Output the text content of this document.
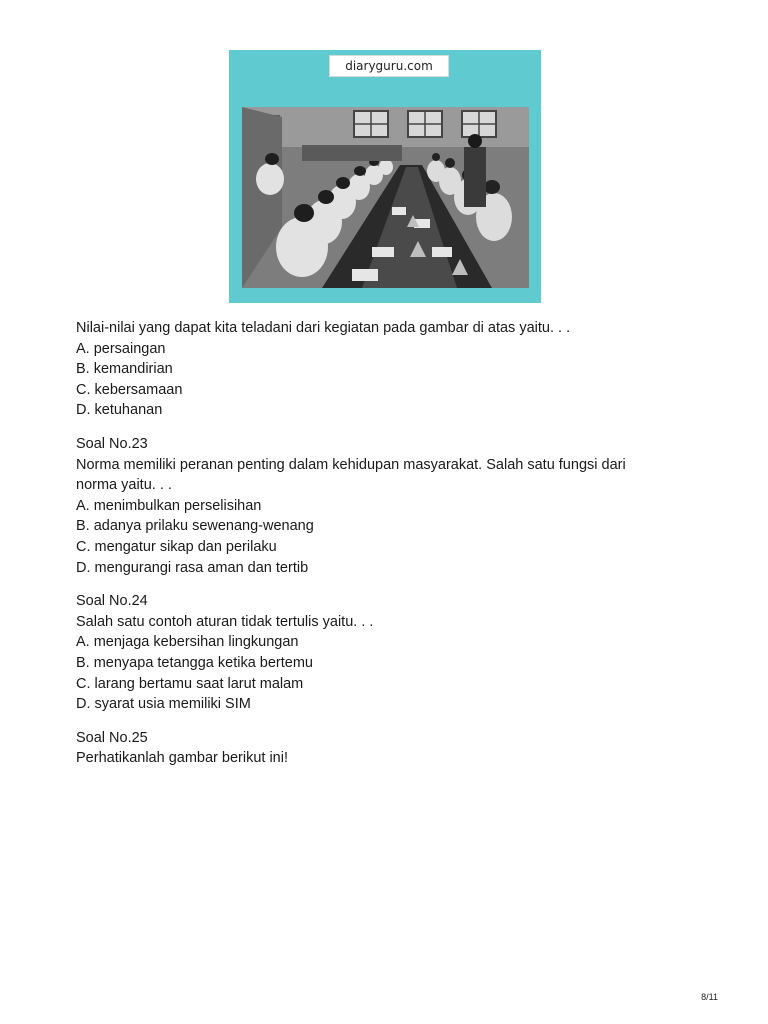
diaryguru.com

Nilai-nilai yang dapat kita teladani dari kegiatan pada gambar di atas yaitu. . .

A. persaingan

B. kemandirian

C. kebersamaan

D. ketuhanan

Soal No.23

Norma memiliki peranan penting dalam kehidupan masyarakat. Salah satu fungsi dari

norma yaitu. . .

A. menimbulkan perselisihan

B. adanya prilaku sewenang-wenang

C. mengatur sikap dan perilaku

D. mengurangi rasa aman dan tertib

Soal No.24

Salah satu contoh aturan tidak tertulis yaitu. . .

A. menjaga kebersihan lingkungan

B. menyapa tetangga ketika bertemu

C. larang bertamu saat larut malam

D. syarat usia memiliki SIM

Soal No.25

Perhatikanlah gambar berikut ini!

8/11
